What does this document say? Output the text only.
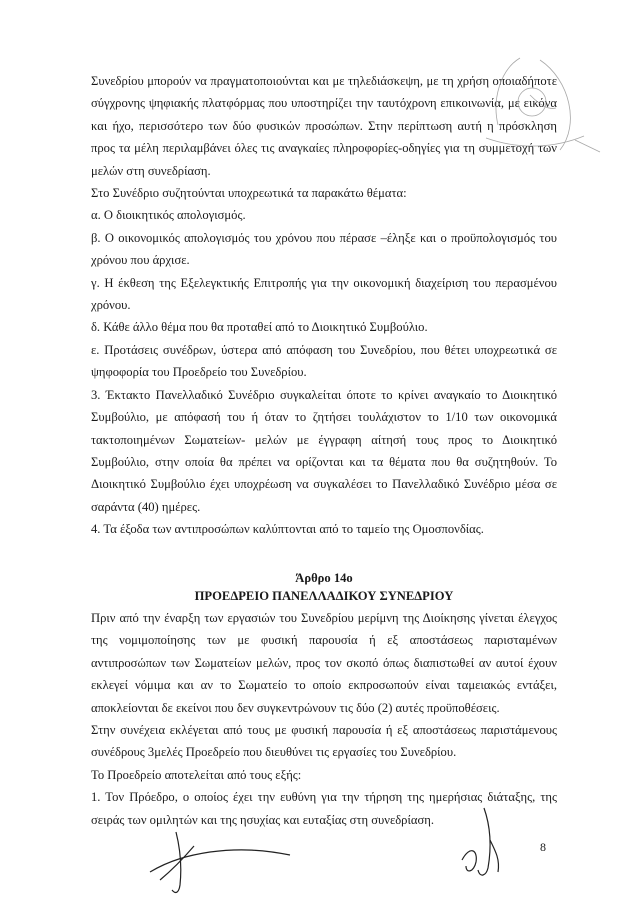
Συνεδρίου μπορούν να πραγματοποιούνται και με τηλεδιάσκεψη, με τη χρήση οποιαδήποτε σύγχρονης ψηφιακής πλατφόρμας που υποστηρίζει την ταυτόχρονη επικοινωνία, με εικόνα και ήχο, περισσότερο των δύο φυσικών προσώπων. Στην περίπτωση αυτή η πρόσκληση προς τα μέλη περιλαμβάνει όλες τις αναγκαίες πληροφορίες-οδηγίες για τη συμμετοχή των μελών στη συνεδρίαση.

Στο Συνέδριο συζητούνται υποχρεωτικά τα παρακάτω θέματα:

α. Ο διοικητικός απολογισμός.

β. Ο οικονομικός απολογισμός του χρόνου που πέρασε –έληξε και ο προϋπολογισμός του χρόνου που άρχισε.

γ. Η έκθεση της Εξελεγκτικής Επιτροπής για την οικονομική διαχείριση του περασμένου χρόνου.

δ. Κάθε άλλο θέμα που θα προταθεί από το Διοικητικό Συμβούλιο.

ε. Προτάσεις συνέδρων, ύστερα από απόφαση του Συνεδρίου, που θέτει υποχρεωτικά σε ψηφοφορία του Προεδρείο του Συνεδρίου.

3. Έκτακτο Πανελλαδικό Συνέδριο συγκαλείται όποτε το κρίνει αναγκαίο το Διοικητικό Συμβούλιο, με απόφασή του ή όταν το ζητήσει τουλάχιστον το 1/10 των οικονομικά τακτοποιημένων Σωματείων- μελών με έγγραφη αίτησή τους προς το Διοικητικό Συμβούλιο, στην οποία θα πρέπει να ορίζονται και τα θέματα που θα συζητηθούν. Το Διοικητικό Συμβούλιο έχει υποχρέωση να συγκαλέσει το Πανελλαδικό Συνέδριο μέσα σε σαράντα (40) ημέρες.

4. Τα έξοδα των αντιπροσώπων καλύπτονται από το ταμείο της Ομοσπονδίας.

Άρθρο 14ο
ΠΡΟΕΔΡΕΙΟ ΠΑΝΕΛΛΑΔΙΚΟΥ ΣΥΝΕΔΡΙΟΥ

Πριν από την έναρξη των εργασιών του Συνεδρίου μερίμνη της Διοίκησης γίνεται έλεγχος της νομιμοποίησης των με φυσική παρουσία ή εξ αποστάσεως παρισταμένων αντιπροσώπων των Σωματείων μελών, προς τον σκοπό όπως διαπιστωθεί αν αυτοί έχουν εκλεγεί νόμιμα και αν το Σωματείο το οποίο εκπροσωπούν είναι ταμειακώς εντάξει, αποκλείονται δε εκείνοι που δεν συγκεντρώνουν τις δύο (2) αυτές προϋποθέσεις.

Στην συνέχεια εκλέγεται από τους με φυσική παρουσία ή εξ αποστάσεως παριστάμενους συνέδρους 3μελές Προεδρείο που διευθύνει τις εργασίες του Συνεδρίου.

Το Προεδρείο αποτελείται από τους εξής:

1. Τον Πρόεδρο, ο οποίος έχει την ευθύνη για την τήρηση της ημερήσιας διάταξης, της σειράς των ομιλητών και της ησυχίας και ευταξίας στη συνεδρίαση.

8
